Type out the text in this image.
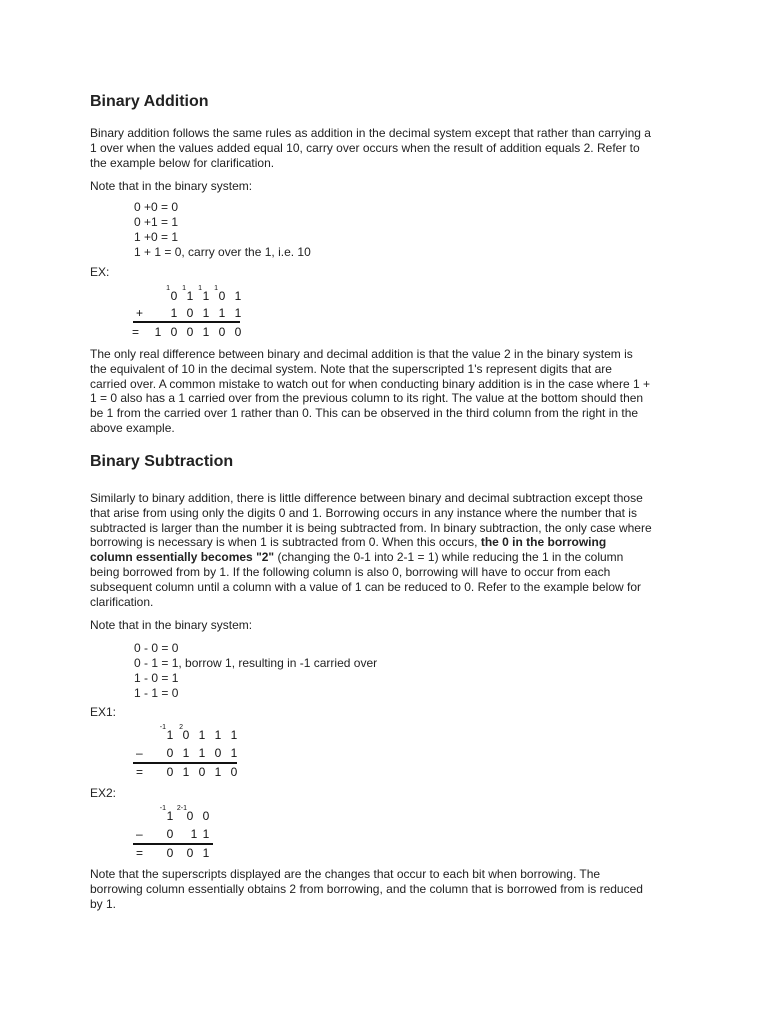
Binary Addition
Binary addition follows the same rules as addition in the decimal system except that rather than carrying a
1 over when the values added equal 10, carry over occurs when the result of addition equals 2. Refer to
the example below for clarification.
Note that in the binary system:
0 +0 = 0
0 +1 = 1
1 +0 = 1
1 + 1 = 0, carry over the 1, i.e. 10
EX:
1
0
1
1
1
1
1
0 1
+ 1 0 1 1 1
= 1 0 0 1 0 0
The only real difference between binary and decimal addition is that the value 2 in the binary system is
the equivalent of 10 in the decimal system. Note that the superscripted 1's represent digits that are
carried over. A common mistake to watch out for when conducting binary addition is in the case where 1 +
1 = 0 also has a 1 carried over from the previous column to its right. The value at the bottom should then
be 1 from the carried over 1 rather than 0. This can be observed in the third column from the right in the
above example.
Binary Subtraction
Similarly to binary addition, there is little difference between binary and decimal subtraction except those
that arise from using only the digits 0 and 1. Borrowing occurs in any instance where the number that is
subtracted is larger than the number it is being subtracted from. In binary subtraction, the only case where
borrowing is necessary is when 1 is subtracted from 0. When this occurs, the 0 in the borrowing
column essentially becomes "2" (changing the 0-1 into 2-1 = 1) while reducing the 1 in the column
being borrowed from by 1. If the following column is also 0, borrowing will have to occur from each
subsequent column until a column with a value of 1 can be reduced to 0. Refer to the example below for
clarification.
Note that in the binary system:
0 - 0 = 0
0 - 1 = 1, borrow 1, resulting in -1 carried over
1 - 0 = 1
1 - 1 = 0
EX1:
-1
1
2
0 1 1 1
– 0 1 1 0 1
= 0 1 0 1 0
EX2:
-1
1
2-1
0 0
– 0 1 1
= 0 0 1
Note that the superscripts displayed are the changes that occur to each bit when borrowing. The
borrowing column essentially obtains 2 from borrowing, and the column that is borrowed from is reduced
by 1.
